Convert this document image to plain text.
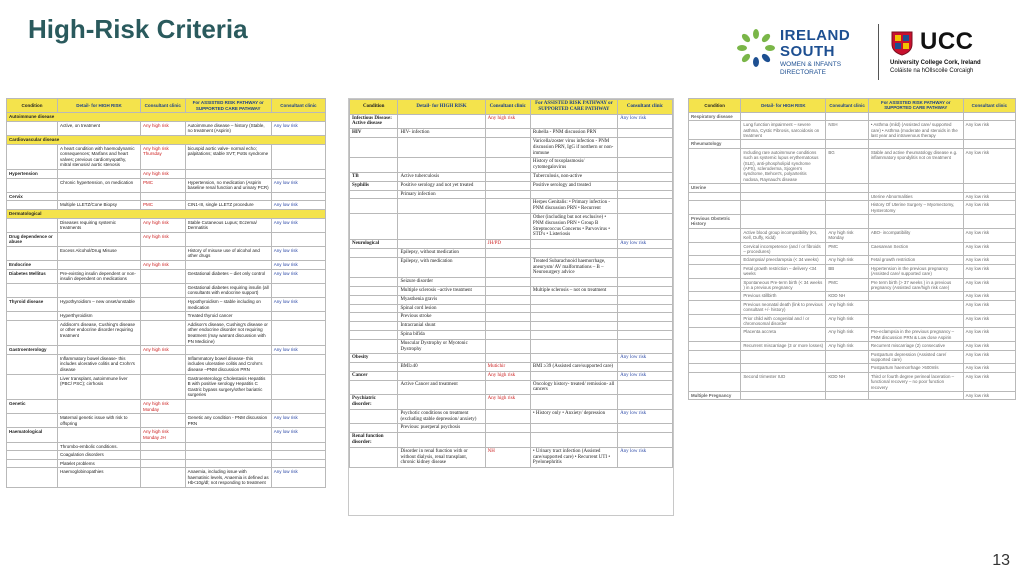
High-Risk Criteria	IRELAND
SOUTH
WOMEN & INFANTS
DIRECTORATE
UCC
University College Cork, Ireland
Coláiste na hOllscoile Corcaigh
Condition	Detail- for HIGH RISK	Consultant clinic	For ASSISTED RISK PATHWAY or SUPPORTED CARE PATHWAY	Consultant clinic
Autoimmune disease				
	Active, on treatment	Any high risk	Autoimmune disease – history (Stable, no treatment (Aspirin)	Any low risk
Cardiovascular disease				
	A heart condition with haemodynamic consequences; Marfans and heart valves; previous cardiomyopathy, mitral stenosis/ aortic stenosis	Any high risk Thursday	bicuspid aortic valve- normal echo; palpitations; stable SVT; Potts syndrome	
Hypertension		Any high risk		
	Chronic hypertension, on medication	PMC	Hypertension, no medication (Aspirin baseline renal function and urinary PCR)	Any low risk
Cervix				
	Multiple LLETZ/Cone Biopsy	PMC	CIN1-III, single LLETZ procedure	Any low risk
Dermatological				
	Diseases requiring systemic treatments	Any high risk	Stable Cutaneous Lupus; Eczema/ Dermatitis	Any low risk
Drug dependence or abuse		Any high risk		
	Excess Alcohol/Drug Misuse		History of misuse use of alcohol and other drugs	Any low risk
Endocrine		Any high risk		Any low risk
Diabetes Mellitus	Pre-existing insulin dependent or non-insulin dependent on medications		Gestational diabetes – diet only control	Any low risk
			Gestational diabetes requiring insulin (all consultants with endocrine support)	
Thyroid disease	Hypothyroidism – new onset/unstable		Hypothyroidism – stable including on medication	Any low risk
	Hyperthyroidism		Treated thyroid cancer	
	Addison's disease, Cushing's disease or other endocrine disorder requiring treatment		Addison's disease, Cushing's disease or other endocrine disorder not requiring treatment (may warrant discussion with PN Medicine)	
Gastroenterology		Any high risk		Any low risk
	Inflammatory bowel disease- this includes ulcerative colitis and Crohn's disease		Inflammatory bowel disease- this includes ulcerative colitis and Crohn's disease –PNM discussion PRN	
	Liver transplant, autoimmune liver (PBC/ PSC); cirrhosis		Gastroenterology Cholestasis Hepatitis B with positive serology Hepatitis C Gastric bypass surgery/other bariatric surgeries	
Genetic		Any high risk Monday		
	Maternal genetic issue with risk to offspring		Genetic any condition - PNM discussion PRN	Any low risk
Haematological		Any high risk Monday JH		Any low risk
	Thrombo-embolic conditions.			
	Coagulation disorders			
	Platelet problems			
	Haemoglobinopathies		Anaemia, including issue with haematinic levels, Anaemia is defined as Hb<10g/dl; not responding to treatment	Any low risk
Condition	Detail- for HIGH RISK	Consultant clinic	For ASSISTED RISK PATHWAY or SUPPORTED CARE PATHWAY	Consultant clinic
Infectious Disease: Active disease		Any high risk		Any low risk
HIV	HIV- infection		Rubella - PNM discussion PRN	
			Varicella/zoster virus infection - PNM discussion PRN, IgG if northern or non-immune	
			History of toxoplasmosis/ cytomegalovirus	
TB	Active tuberculosis		Tuberculosis, non-active	
Syphilis	Positive serology and not yet treated		Positive serology and treated	
	Primary infection			
			Herpes Genitalis: • Primary infection - PNM discussion PRN • Recurrent	
			Other (including but not exclusive) • PNM discussion PRN • Group B Streptococcus Concerns • Parvovirus • STD's • Listeriosis	
Neurological		JH/PD		Any low risk
	Epilepsy, without medication			
	Epilepsy, with medication		Treated Subarachnoid haemorrhage, aneurysm/ AV malformations – B – Neurosurgery advice	
	Seizure disorder			
	Multiple sclerosis –active treatment		Multiple sclerosis – not on treatment	
	Myasthenia gravis			
	Spinal cord lesion			
	Previous stroke			
	Intracranial shunt			
	Spina bifida			
	Muscular Dystrophy or Myotonic Dystrophy			
Obesity				Any low risk
	BMI≥40	Mutichir	BMI ≥39 (Assisted care/supported care)	
Cancer		Any high risk		Any low risk
	Active Cancer and treatment		Oncology history- treated/ remission- all cancers	
Psychiatric disorder:		Any high risk		
	Psychotic conditions on treatment (excluding stable depression/ anxiety)		• History only • Anxiety/ depression	Any low risk
	Previous: puerperal psychosis			
Renal function disorder:				
	Disorder in renal function with or without dialysis, renal transplant, chronic kidney disease	NH	• Urinary tract infection (Assisted care/supported care) • Recurrent UTI • Pyelonephritis	Any low risk
Condition	Detail- for HIGH RISK	Consultant clinic	For ASSISTED RISK PATHWAY or SUPPORTED CARE PATHWAY	Consultant clinic
Respiratory disease				
	Lung function impairment – severe asthma, Cystic Fibrosis, sarcoidosis on treatment	NSH	• Asthma (mild) (Assisted care/ supported care) • Asthma (moderate and steroids in the last year and intravenous therapy	Any low risk
Rheumatology				
	Including rare autoimmune conditions such as systemic lupus erythematosus (SLE), anti-phospholipid syndrome (APS), scleroderma, Sjogren's syndrome, Behcet's, polyarteritis nodosa, Raynaud's disease	BG	Stable and active rheumatology disease e.g. inflammatory spondylitis not on treatment	Any low risk
Uterine				
			Uterine Abnormalities	Any low risk
			History Of Uterine Surgery – Myomectomy, Hysterotomy	Any low risk
Previous Obstetric History				
	Active blood group incompatibility (Ks, Kell, Duffy, Kidd)	Any high risk Monday	ABO- incompatibility	Any low risk
	Cervical incompetence (and / or fibroids – procedures)	PMC	Caesarean Section	Any low risk
	Eclampsia/ preeclampsia (< 34 weeks)	Any high risk	Fetal growth restriction	Any low risk
	Fetal growth restriction – delivery <34 weeks	BB	Hypertension in the previous pregnancy (Assisted care/ supported care)	Any low risk
	Spontaneous Pre-term birth (< 34 weeks ) in a previous pregnancy	PMC	Pre term birth (> 37 weeks ) in a previous pregnancy (Assisted care/high risk care)	Any low risk
	Previous stillbirth	KDD NH		Any low risk
	Previous neonatal death (link to previous consultant +/- history)	Any high risk		Any low risk
	Prior child with congenital and / or chromosomal disorder	Any high risk		Any low risk
	Placenta accreta	Any high risk	Pre-eclampsia in the previous pregnancy – PNM discussion PRN & Low dose Aspirin	Any low risk
	Recurrent miscarriage (3 or more losses)	Any high risk	Recurrent miscarriage (2) consecutive	Any low risk
			Postpartum depression (Assisted care/ supported care)	Any low risk
			Postpartum haemorrhage >500mls	Any low risk
	Second trimester IUD	KDD NH	Third or fourth degree perineal laceration – functional recovery – no poor function recovery	Any low risk
Multiple Pregnancy				Any low risk
13
